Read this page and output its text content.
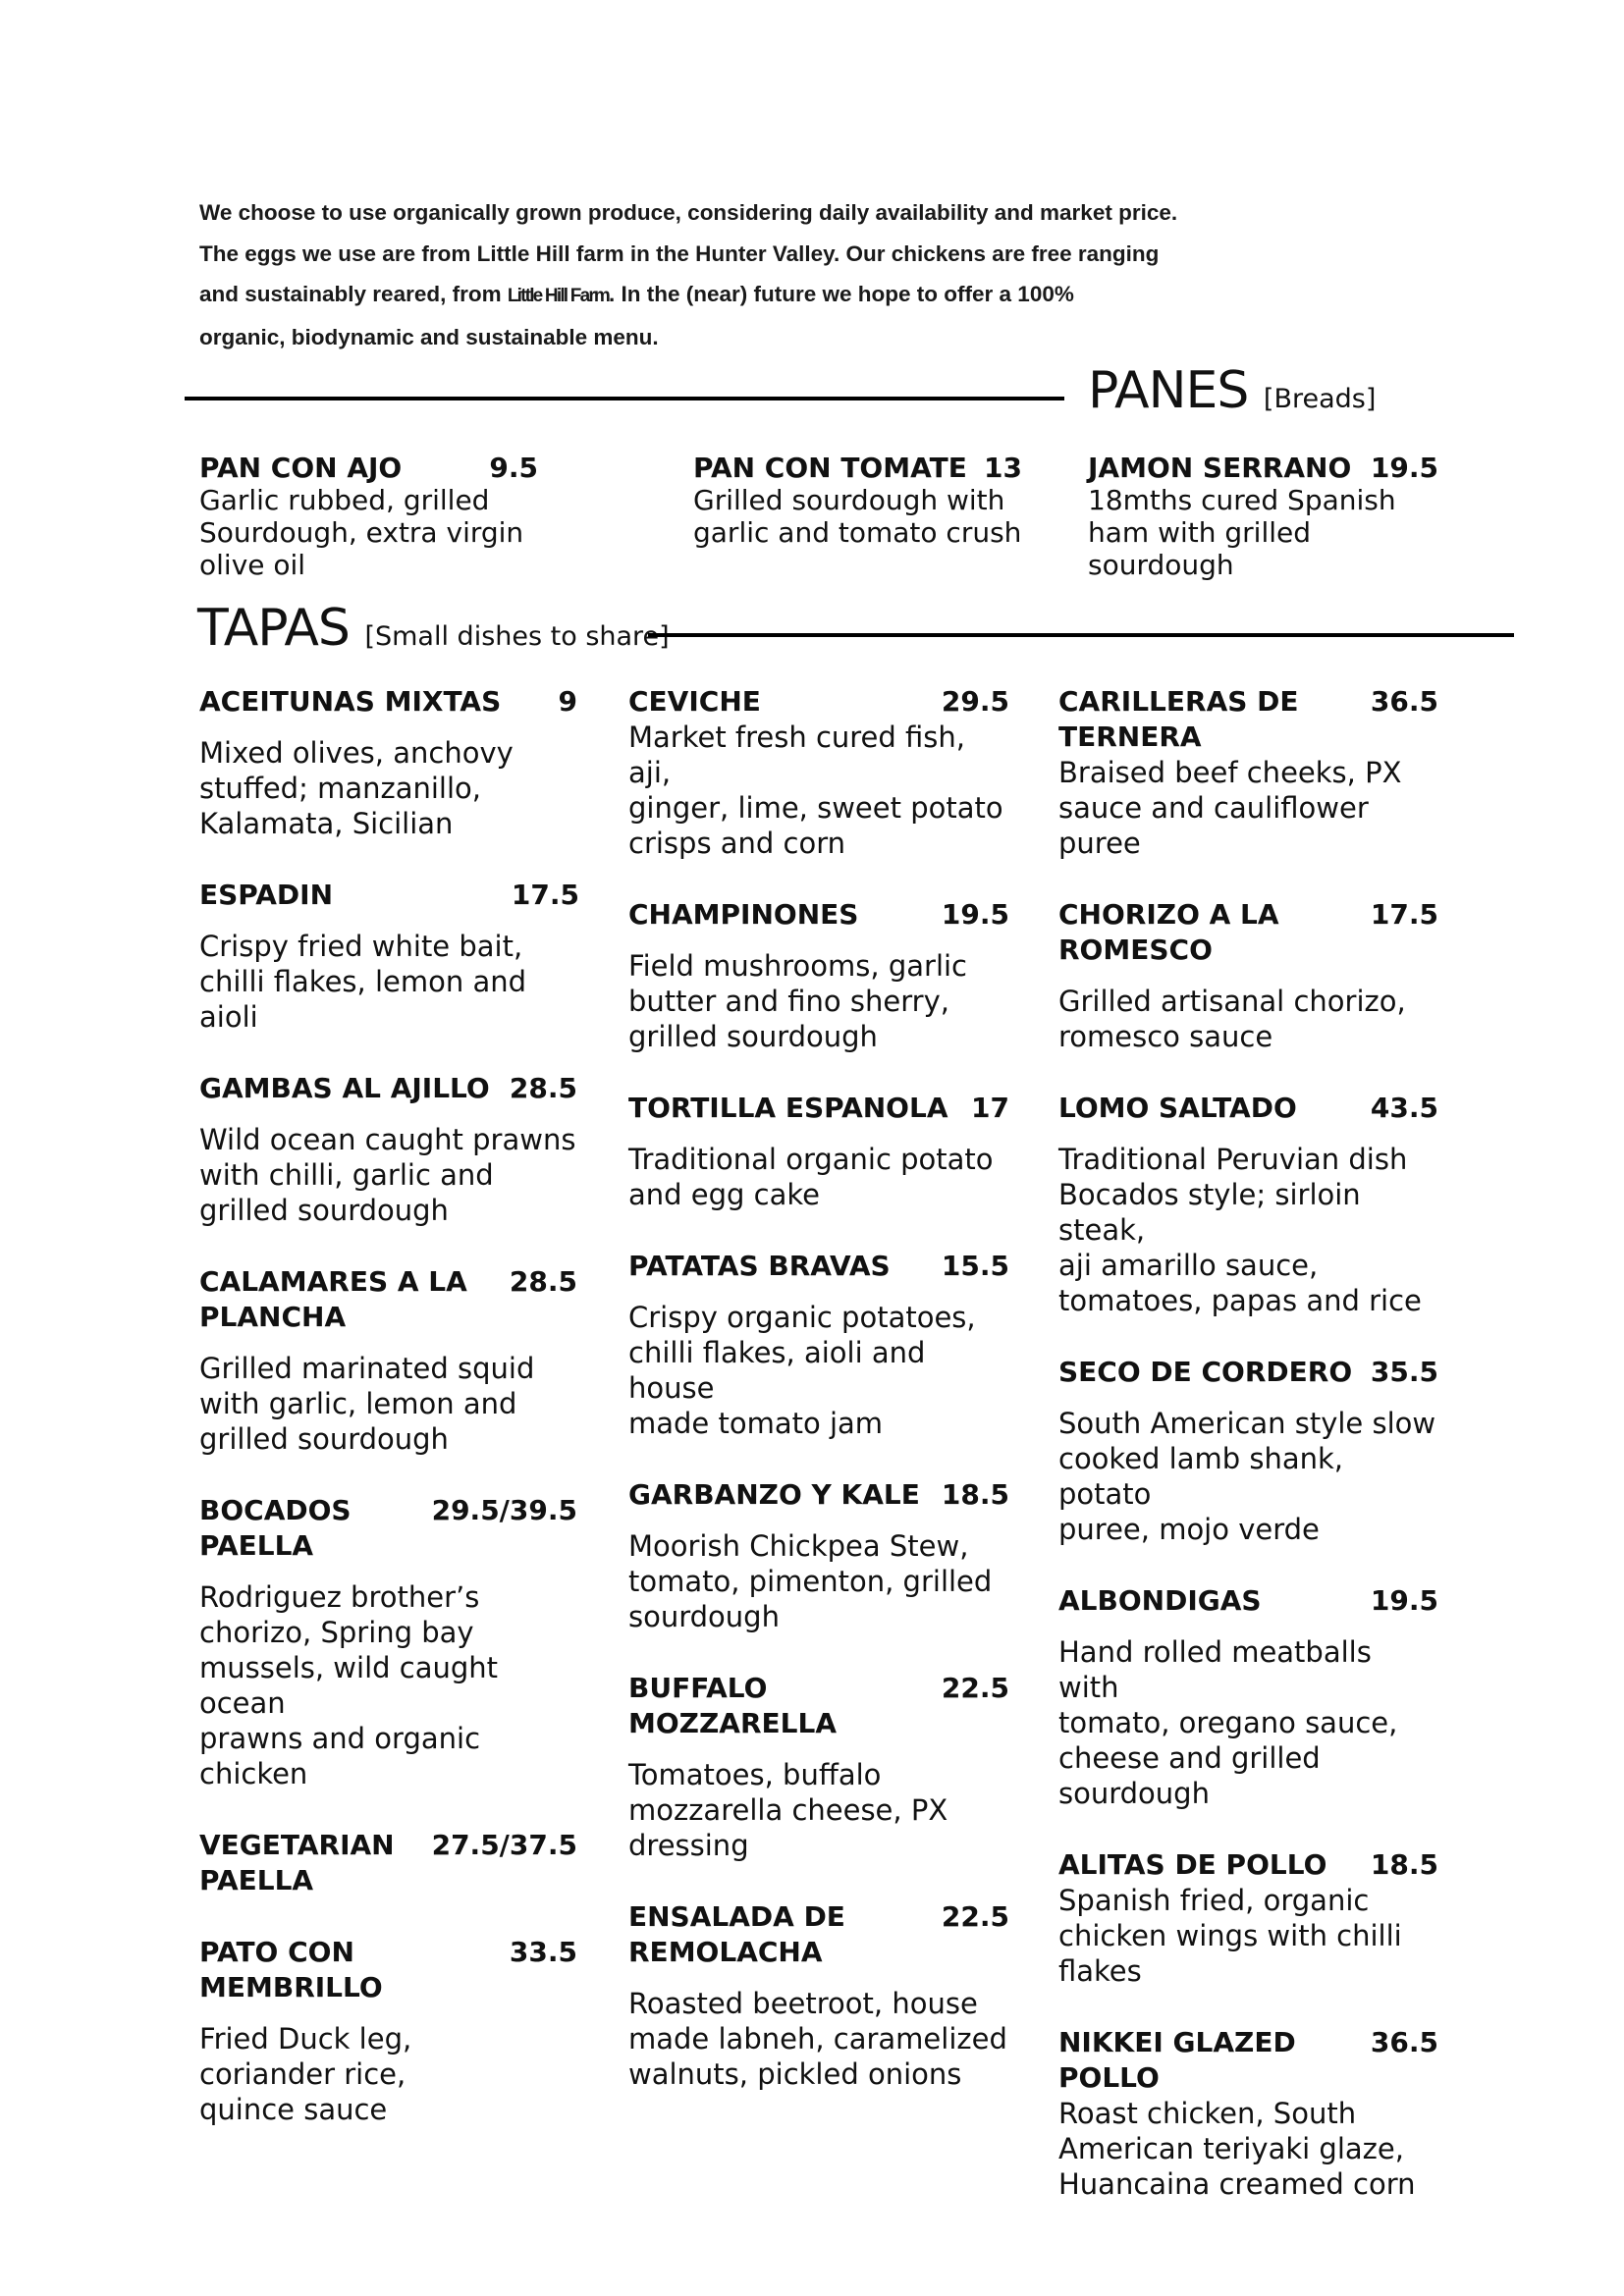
We choose to use organically grown produce, considering daily availability and market price.
The eggs we use are from Little Hill farm in the Hunter Valley. Our chickens are free ranging
and sustainably reared, from Little Hill Farm. In the (near) future we hope to offer a 100%
organic, biodynamic and sustainable menu.
PANES [Breads]
PAN CON AJO	9.5
Garlic rubbed, grilled
Sourdough, extra virgin olive oil
PAN CON TOMATE 13
Grilled sourdough with
garlic and tomato crush
JAMON SERRANO 19.5
18mths cured Spanish
ham with grilled sourdough
TAPAS [Small dishes to share]
ACEITUNAS MIXTAS 9
Mixed olives, anchovy
stuffed; manzanillo,
Kalamata, Sicilian
ESPADIN	17.5
Crispy fried white bait,
chilli flakes, lemon and
aioli
GAMBAS AL AJILLO 28.5
Wild ocean caught prawns
with chilli, garlic and
grilled sourdough
CALAMARES A LA
PLANCHA
28.5
Grilled marinated squid
with garlic, lemon and
grilled sourdough
BOCADOS
PAELLA
29.5/39.5
Rodriguez brother’s
chorizo, Spring bay
mussels, wild caught ocean
prawns and organic chicken
VEGETARIAN
PAELLA
27.5/37.5
PATO CON
MEMBRILLO
33.5
Fried Duck leg,
coriander rice,
quince sauce
CEVICHE	29.5
Market fresh cured fish, aji,
ginger, lime, sweet potato
crisps and corn
CHAMPINONES	19.5
Field mushrooms, garlic
butter and fino sherry,
grilled sourdough
TORTILLA ESPANOLA 17
Traditional organic potato
and egg cake
PATATAS BRAVAS 15.5
Crispy organic potatoes,
chilli flakes, aioli and house
made tomato jam
GARBANZO Y KALE 18.5
Moorish Chickpea Stew,
tomato, pimenton, grilled
sourdough
BUFFALO
MOZZARELLA
22.5
Tomatoes, buffalo
mozzarella cheese, PX
dressing
ENSALADA DE
REMOLACHA
22.5
Roasted beetroot, house
made labneh, caramelized
walnuts, pickled onions
CARILLERAS DE
TERNERA
36.5
Braised beef cheeks, PX
sauce and cauliflower
puree
CHORIZO A LA
ROMESCO
17.5
Grilled artisanal chorizo,
romesco sauce
LOMO SALTADO	43.5
Traditional Peruvian dish
Bocados style; sirloin steak,
aji amarillo sauce,
tomatoes, papas and rice
SECO DE CORDERO 35.5
South American style slow
cooked lamb shank, potato
puree, mojo verde
ALBONDIGAS	19.5
Hand rolled meatballs with
tomato, oregano sauce,
cheese and grilled
sourdough
ALITAS DE POLLO 18.5
Spanish fried, organic
chicken wings with chilli
flakes
NIKKEI GLAZED
POLLO
36.5
Roast chicken, South
American teriyaki glaze,
Huancaina creamed corn
